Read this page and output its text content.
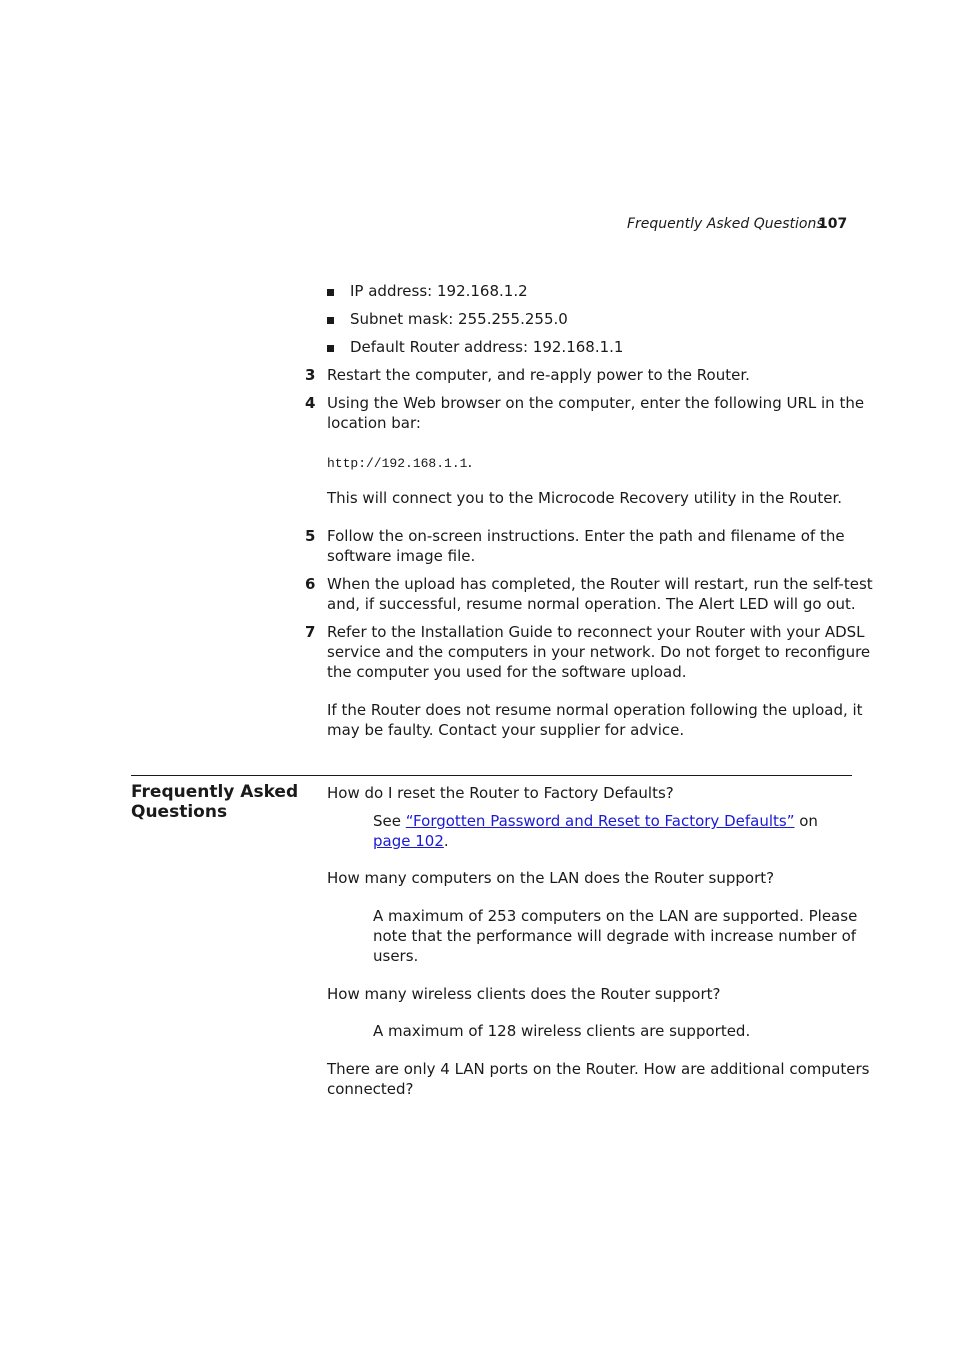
Frequently Asked Questions
107
IP address: 192.168.1.2
Subnet mask: 255.255.255.0
Default Router address: 192.168.1.1
3 Restart the computer, and re-apply power to the Router.
4 Using the Web browser on the computer, enter the following URL in the
location bar:
http://192.168.1.1.
This will connect you to the Microcode Recovery utility in the Router.
5 Follow the on-screen instructions. Enter the path and filename of the
software image file.
6 When the upload has completed, the Router will restart, run the self-test
and, if successful, resume normal operation. The Alert LED will go out.
7 Refer to the Installation Guide to reconnect your Router with your ADSL
service and the computers in your network. Do not forget to reconfigure
the computer you used for the software upload.
If the Router does not resume normal operation following the upload, it
may be faulty. Contact your supplier for advice.
Frequently Asked
Questions
How do I reset the Router to Factory Defaults?
See “Forgotten Password and Reset to Factory Defaults” on
page 102.
How many computers on the LAN does the Router support?
A maximum of 253 computers on the LAN are supported. Please
note that the performance will degrade with increase number of
users.
How many wireless clients does the Router support?
A maximum of 128 wireless clients are supported.
There are only 4 LAN ports on the Router. How are additional computers
connected?
